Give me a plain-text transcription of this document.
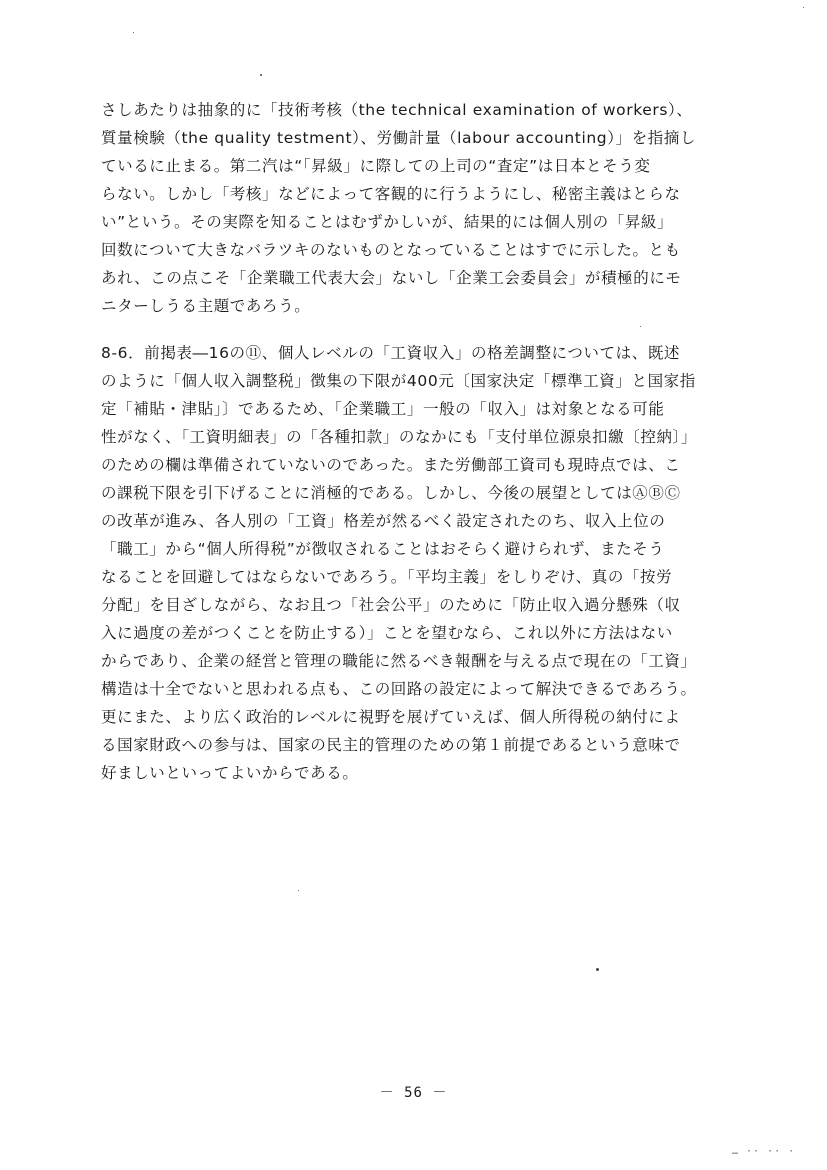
さしあたりは抽象的に「技術考核（the technical examination of workers）、
質量検験（the quality testment）、労働計量（labour accounting）」を指摘し
ているに止まる。第二汽は“「昇級」に際しての上司の“査定”は日本とそう変
らない。しかし「考核」などによって客観的に行うようにし、秘密主義はとらな
い”という。その実際を知ることはむずかしいが、結果的には個人別の「昇級」
回数について大きなバラツキのないものとなっていることはすでに示した。とも
あれ、この点こそ「企業職工代表大会」ないし「企業工会委員会」が積極的にモ
ニターしうる主題であろう。
8-6．前掲表―16の⑪、個人レベルの「工資収入」の格差調整については、既述
のように「個人収入調整税」徴集の下限が400元〔国家決定「標準工資」と国家指
定「補貼・津貼」〕であるため、「企業職工」一般の「収入」は対象となる可能
性がなく、「工資明細表」の「各種扣款」のなかにも「支付単位源泉扣繳〔控納〕」
のための欄は準備されていないのであった。また労働部工資司も現時点では、こ
の課税下限を引下げることに消極的である。しかし、今後の展望としてはⒶⒷⒸ
の改革が進み、各人別の「工資」格差が然るべく設定されたのち、収入上位の
「職工」から“個人所得税”が徴収されることはおそらく避けられず、またそう
なることを回避してはならないであろう。「平均主義」をしりぞけ、真の「按労
分配」を目ざしながら、なお且つ「社会公平」のために「防止収入過分懸殊（収
入に過度の差がつくことを防止する）」ことを望むなら、これ以外に方法はない
からであり、企業の経営と管理の職能に然るべき報酬を与える点で現在の「工資」
構造は十全でないと思われる点も、この回路の設定によって解決できるであろう。
更にまた、より広く政治的レベルに視野を展げていえば、個人所得税の納付によ
る国家財政への参与は、国家の民主的管理のための第１前提であるという意味で
好ましいといってよいからである。
－ 56 －
… ·· ·· ·
